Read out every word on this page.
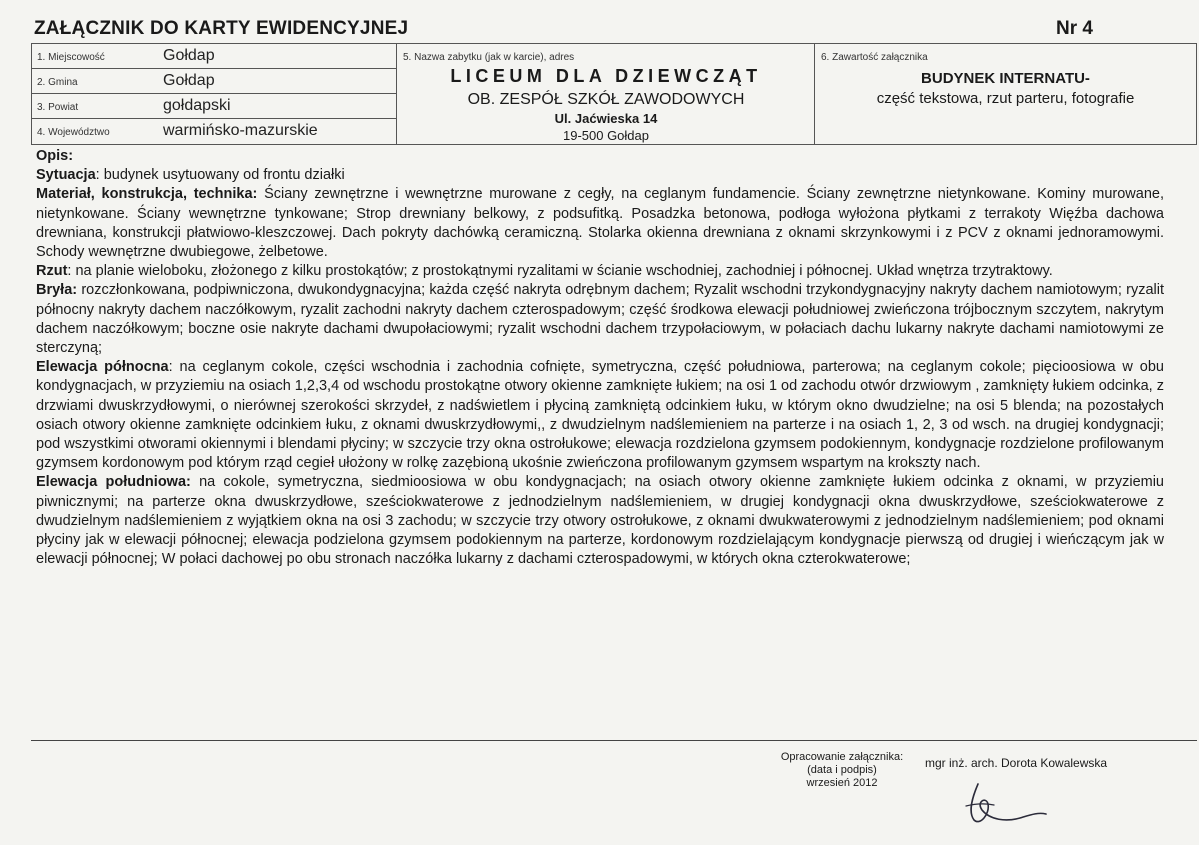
ZAŁĄCZNIK DO KARTY EWIDENCYJNEJ	Nr 4
1. Miejscowość	Gołdap
2. Gmina	Gołdap
3. Powiat	gołdapski
4. Województwo	warmińsko-mazurskie
5. Nazwa zabytku (jak w karcie), adres
LICEUM DLA DZIEWCZĄT
OB. ZESPÓŁ SZKÓŁ ZAWODOWYCH
Ul. Jaćwieska 14
19-500 Gołdap
6. Zawartość załącznika
BUDYNEK INTERNATU-
część tekstowa, rzut parteru, fotografie

Opis:

Sytuacja: budynek usytuowany od frontu działki

Materiał, konstrukcja, technika: Ściany zewnętrzne i wewnętrzne murowane z cegły, na ceglanym fundamencie. Ściany zewnętrzne nietynkowane. Kominy murowane, nietynkowane. Ściany wewnętrzne tynkowane; Strop drewniany belkowy, z podsufitką. Posadzka betonowa, podłoga wyłożona płytkami z terrakoty Więźba dachowa drewniana, konstrukcji płatwiowo-kleszczowej. Dach pokryty dachówką ceramiczną. Stolarka okienna drewniana z oknami skrzynkowymi i z PCV z oknami jednoramowymi. Schody wewnętrzne dwubiegowe, żelbetowe.

Rzut: na planie wieloboku, złożonego z kilku prostokątów; z prostokątnymi ryzalitami w ścianie wschodniej, zachodniej i północnej. Układ wnętrza trzytraktowy.

Bryła: rozczłonkowana, podpiwniczona, dwukondygnacyjna; każda część nakryta odrębnym dachem; Ryzalit wschodni trzykondygnacyjny nakryty dachem namiotowym; ryzalit północny nakryty dachem naczółkowym, ryzalit zachodni nakryty dachem czterospadowym; część środkowa elewacji południowej zwieńczona trójbocznym szczytem, nakrytym dachem naczółkowym; boczne osie nakryte dachami dwupołaciowymi; ryzalit wschodni dachem trzypołaciowym, w połaciach dachu lukarny nakryte dachami namiotowymi ze sterczyną;

Elewacja północna: na ceglanym cokole, części wschodnia i zachodnia cofnięte, symetryczna, część południowa, parterowa; na ceglanym cokole; pięcioosiowa w obu kondygnacjach, w przyziemiu na osiach 1,2,3,4 od wschodu prostokątne otwory okienne zamknięte łukiem; na osi 1 od zachodu otwór drzwiowym , zamknięty łukiem odcinka, z drzwiami dwuskrzydłowymi, o nierównej szerokości skrzydeł, z nadświetlem i płyciną zamkniętą odcinkiem łuku, w którym okno dwudzielne; na osi 5 blenda; na pozostałych osiach otwory okienne zamknięte odcinkiem łuku, z oknami dwuskrzydłowymi,, z dwudzielnym nadślemieniem na parterze i na osiach 1, 2, 3 od wsch. na drugiej kondygnacji; pod wszystkimi otworami okiennymi i blendami płyciny; w szczycie trzy okna ostrołukowe; elewacja rozdzielona gzymsem podokiennym, kondygnacje rozdzielone profilowanym gzymsem kordonowym pod którym rząd cegieł ułożony w rolkę zazębioną ukośnie zwieńczona profilowanym gzymsem wspartym na krokszty nach.

Elewacja południowa: na cokole, symetryczna, siedmioosiowa w obu kondygnacjach; na osiach otwory okienne zamknięte łukiem odcinka z oknami, w przyziemiu piwnicznymi; na parterze okna dwuskrzydłowe, sześciokwaterowe z jednodzielnym nadślemieniem, w drugiej kondygnacji okna dwuskrzydłowe, sześciokwaterowe z dwudzielnym nadślemieniem z wyjątkiem okna na osi 3 zachodu; w szczycie trzy otwory ostrołukowe, z oknami dwukwaterowymi z jednodzielnym nadślemieniem; pod oknami płyciny jak w elewacji północnej; elewacja podzielona gzymsem podokiennym na parterze, kordonowym rozdzielającym kondygnacje pierwszą od drugiej i wieńczącym jak w elewacji północnej; W połaci dachowej po obu stronach naczółka lukarny z dachami czterospadowymi, w których okna czterokwaterowe;

Opracowanie załącznika:
(data i podpis)
wrzesień 2012
mgr inż. arch. Dorota Kowalewska
